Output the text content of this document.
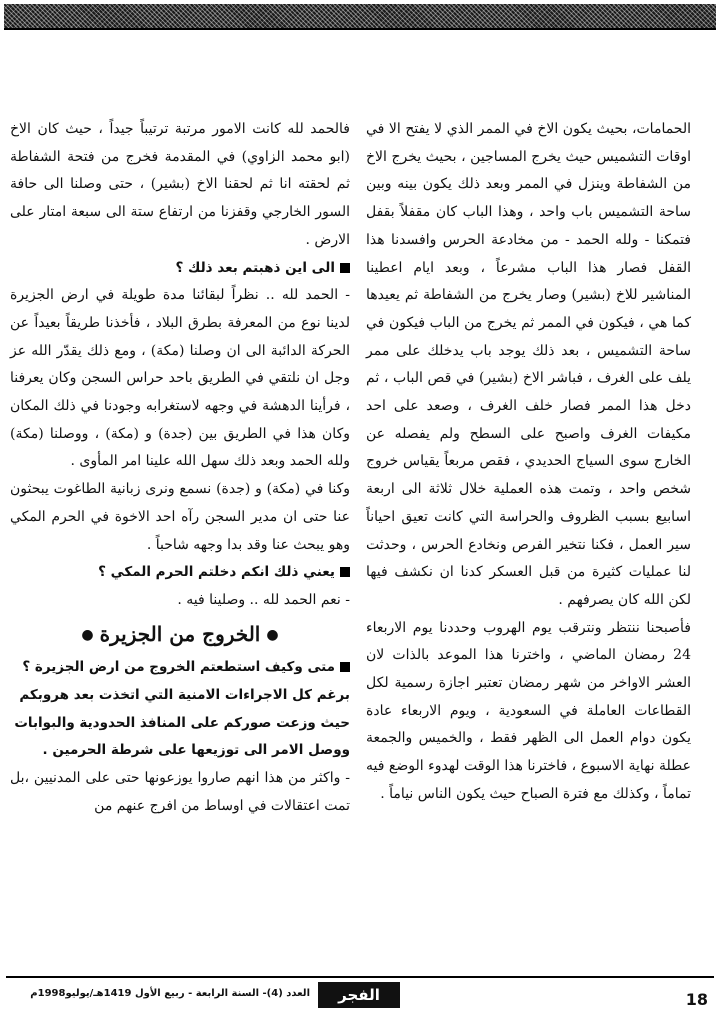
الحمامات، بحيث يكون الاخ في الممر الذي لا يفتح الا في اوقات التشميس حيث يخرج المساجين ، بحيث يخرج الاخ من الشفاطة وينزل في الممر وبعد ذلك يكون بينه وبين ساحة التشميس باب واحد ، وهذا الباب كان مقفلاً بقفل فتمكنا - ولله الحمد - من مخادعة الحرس وافسدنا هذا القفل فصار هذا الباب مشرعاً ، وبعد ايام اعطينا المناشير للاخ (بشير) وصار يخرج من الشفاطة ثم يعيدها كما هي ، فيكون في الممر ثم يخرج من الباب فيكون في ساحة التشميس ، بعد ذلك يوجد باب يدخلك على ممر يلف على الغرف ، فباشر الاخ (بشير) في قص الباب ، ثم دخل هذا الممر فصار خلف الغرف ، وصعد على احد مكيفات الغرف واصبح على السطح ولم يفصله عن الخارج سوى السياج الحديدي ، فقص مربعاً يقياس خروج شخص واحد ، وتمت هذه العملية خلال ثلاثة الى اربعة اسابيع بسبب الظروف والحراسة التي كانت تعيق احياناً سير العمل ، فكنا نتخير الفرص ونخادع الحرس ، وحدثت لنا عمليات كثيرة من قبل العسكر كدنا ان نكشف فيها لكن الله كان يصرفهم .
فأصبحنا ننتظر ونترقب يوم الهروب وحددنا يوم الاربعاء 24 رمضان الماضي ، واخترنا هذا الموعد بالذات لان العشر الاواخر من شهر رمضان تعتبر اجازة رسمية لكل القطاعات العاملة في السعودية ، ويوم الاربعاء عادة يكون دوام العمل الى الظهر فقط ، والخميس والجمعة عطلة نهاية الاسبوع ، فاخترنا هذا الوقت لهدوء الوضع فيه تماماً ، وكذلك مع فترة الصباح حيث يكون الناس نياماً .
فالحمد لله كانت الامور مرتبة ترتيباً جيداً ، حيث كان الاخ (ابو محمد الزاوي) في المقدمة فخرج من فتحة الشفاطة ثم لحقته انا ثم لحقنا الاخ (بشير) ، حتى وصلنا الى حافة السور الخارجي وقفزنا من ارتفاع ستة الى سبعة امتار على الارض .
الى اين ذهبتم بعد ذلك ؟
- الحمد لله .. نظراً لبقائنا مدة طويلة في ارض الجزيرة لدينا نوع من المعرفة بطرق البلاد ، فأخذنا طريقاً بعيداً عن الحركة الدائبة الى ان وصلنا (مكة) ، ومع ذلك يقدّر الله عز وجل ان نلتقي في الطريق باحد حراس السجن وكان يعرفنا ، فرأينا الدهشة في وجهه لاستغرابه وجودنا في ذلك المكان وكان هذا في الطريق بين (جدة) و (مكة) ، ووصلنا (مكة) ولله الحمد وبعد ذلك سهل الله علينا امر المأوى .
وكنا في (مكة) و (جدة) نسمع ونرى زبانية الطاغوت يبحثون عنا حتى ان مدير السجن رآه احد الاخوة في الحرم المكي وهو يبحث عنا وقد بدا وجهه شاحباً .
يعني ذلك انكم دخلتم الحرم المكي ؟
- نعم الحمد لله .. وصلينا فيه .
●الخروج من الجزيرة●
متى وكيف استطعتم الخروج من ارض الجزيرة ؟ برغم كل الاجراءات الامنية التي اتخذت بعد هروبكم حيث وزعت صوركم على المنافذ الحدودية والبوابات ووصل الامر الى توزيعها على شرطة الحرمين .
- واكثر من هذا انهم صاروا يوزعونها حتى على المدنيين ،بل تمت اعتقالات في اوساط من افرج عنهم من
18
الفجر
العدد (4)- السنة الرابعة - ربيع الأول 1419هـ/يوليو1998م
